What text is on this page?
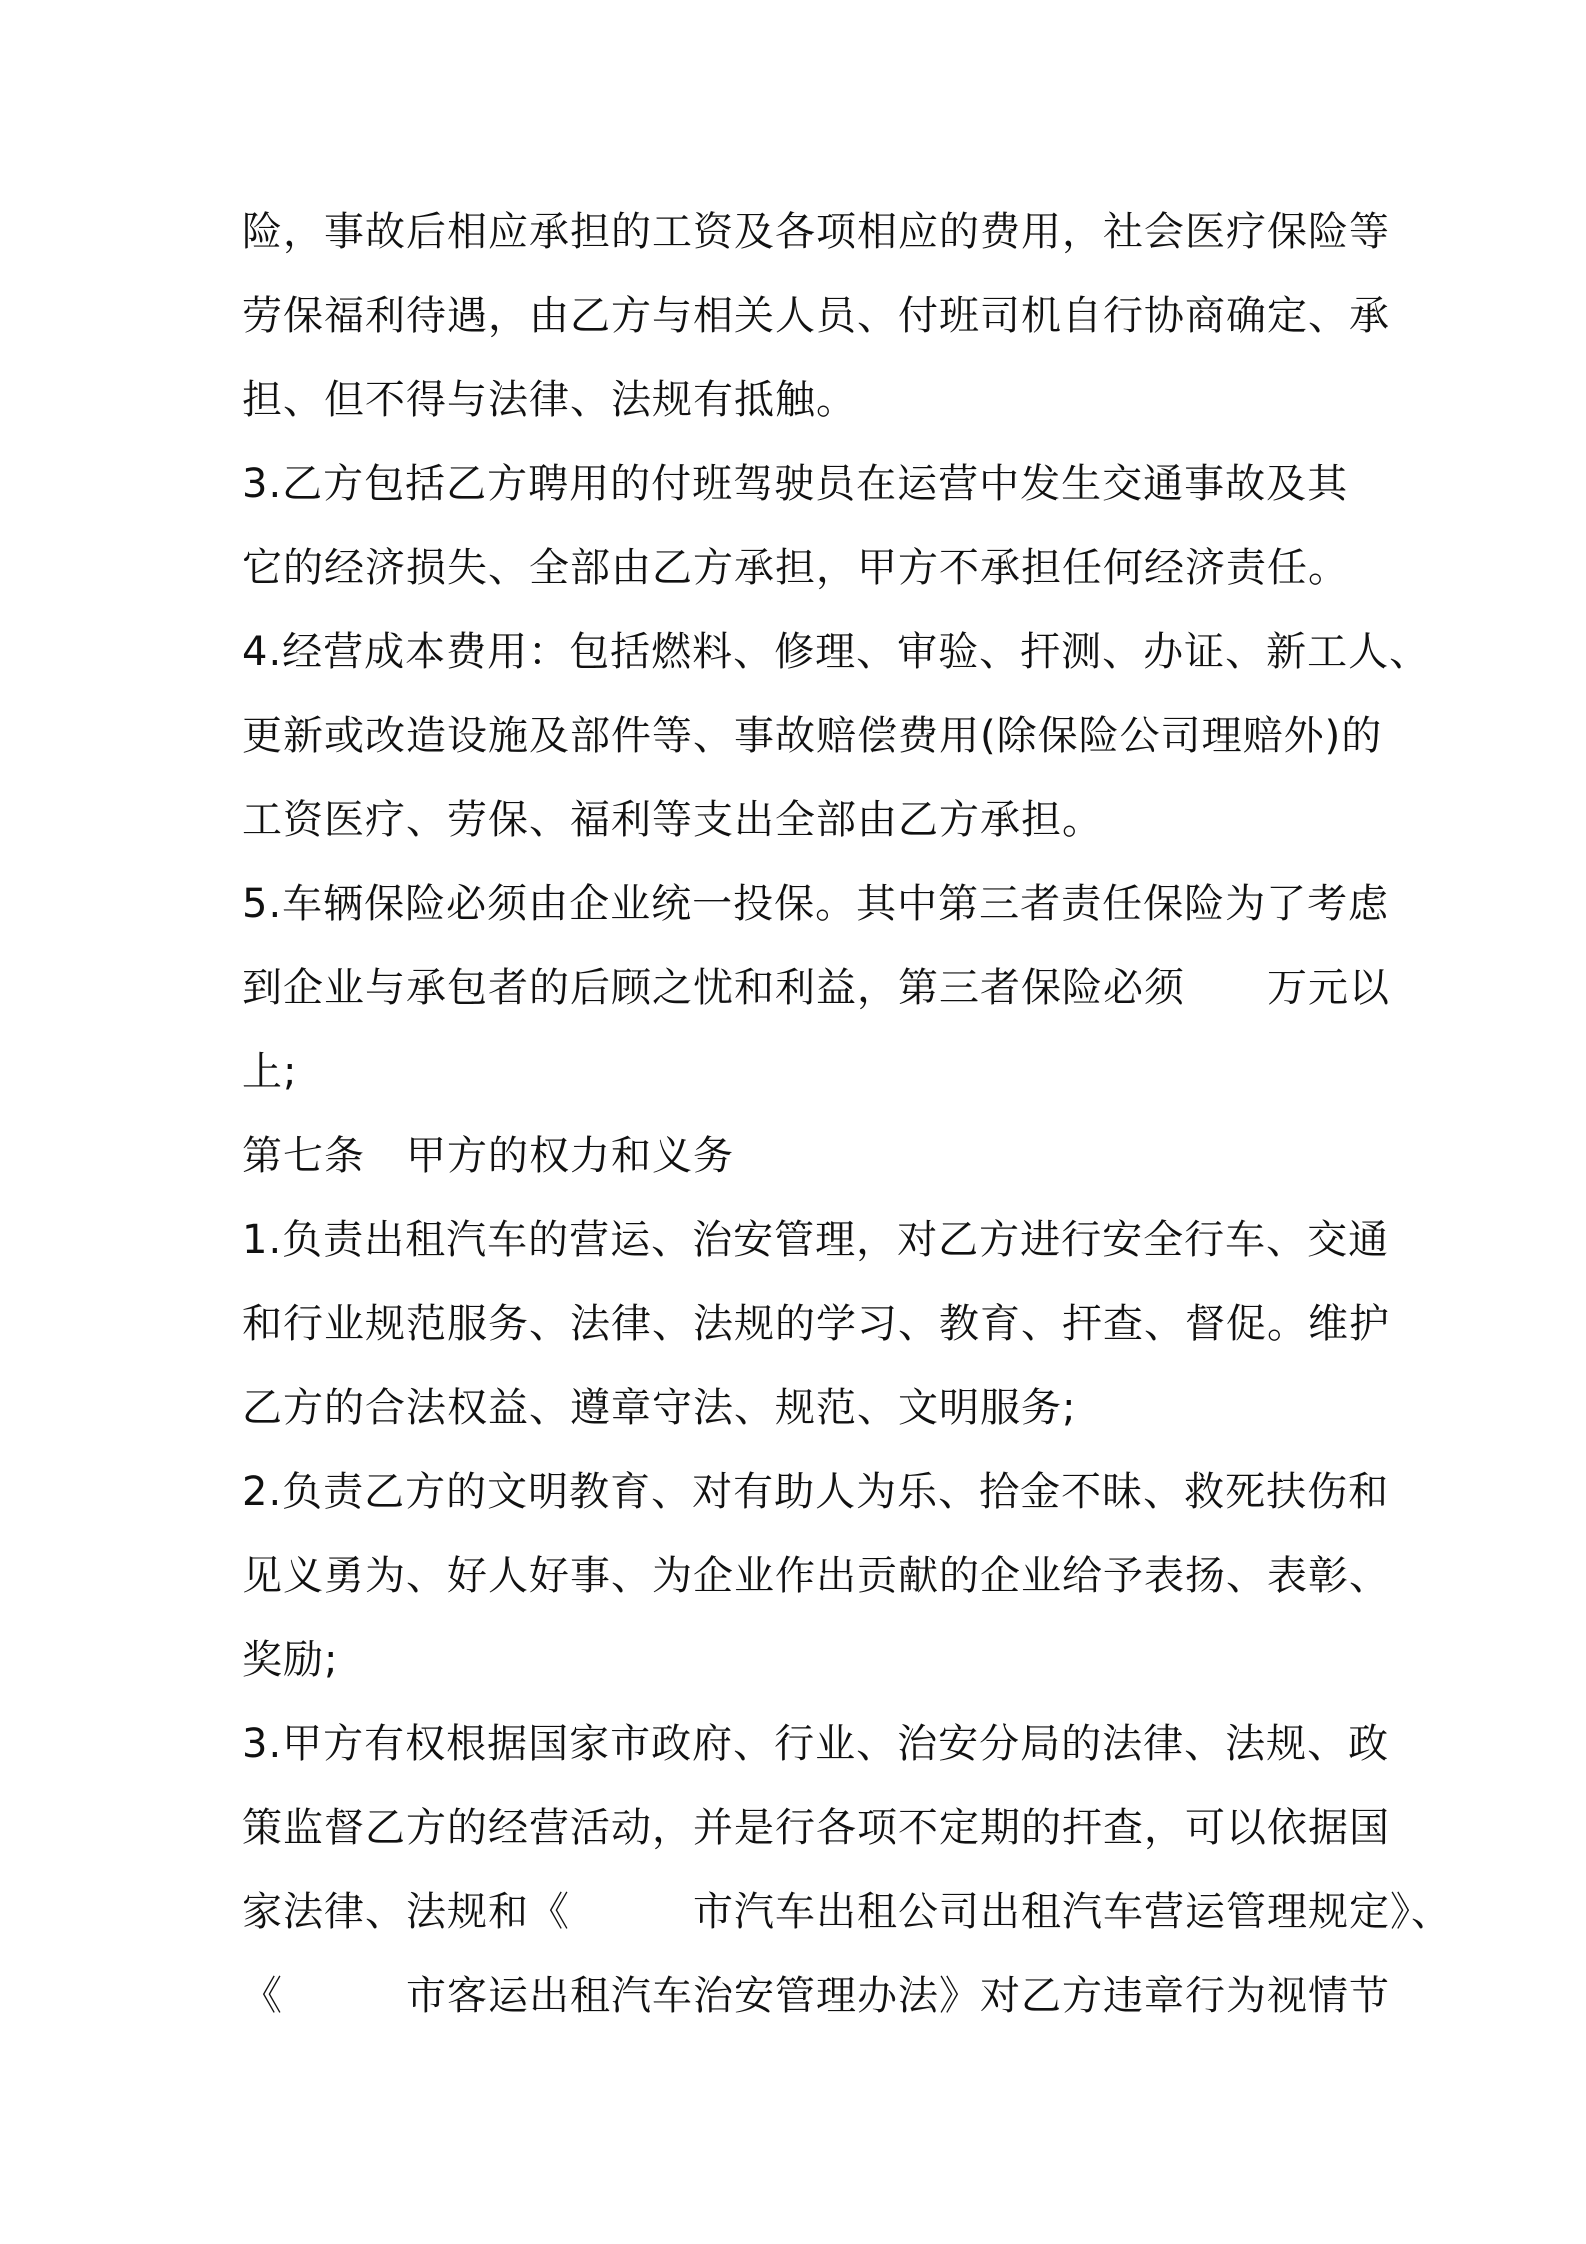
险，事故后相应承担的工资及各项相应的费用，社会医疗保险等

劳保福利待遇，由乙方与相关人员、付班司机自行协商确定、承

担、但不得与法律、法规有抵触。

3.乙方包括乙方聘用的付班驾驶员在运营中发生交通事故及其

它的经济损失、全部由乙方承担，甲方不承担任何经济责任。

4.经营成本费用：包括燃料、修理、审验、扞测、办证、新工人、

更新或改造设施及部件等、事故赔偿费用(除保险公司理赔外)的

工资医疗、劳保、福利等支出全部由乙方承担。

5.车辆保险必须由企业统一投保。其中第三者责任保险为了考虑

到企业与承包者的后顾之忧和利益，第三者保险必须　　万元以

上;

第七条　甲方的权力和义务

1.负责出租汽车的营运、治安管理，对乙方进行安全行车、交通

和行业规范服务、法律、法规的学习、教育、扞查、督促。维护

乙方的合法权益、遵章守法、规范、文明服务;

2.负责乙方的文明教育、对有助人为乐、拾金不昧、救死扶伤和

见义勇为、好人好事、为企业作出贡献的企业给予表扬、表彰、

奖励;

3.甲方有权根据国家市政府、行业、治安分局的法律、法规、政

策监督乙方的经营活动，并是行各项不定期的扞查，可以依据国

家法律、法规和《　　　市汽车出租公司出租汽车营运管理规定》、

《　　　市客运出租汽车治安管理办法》对乙方违章行为视情节
